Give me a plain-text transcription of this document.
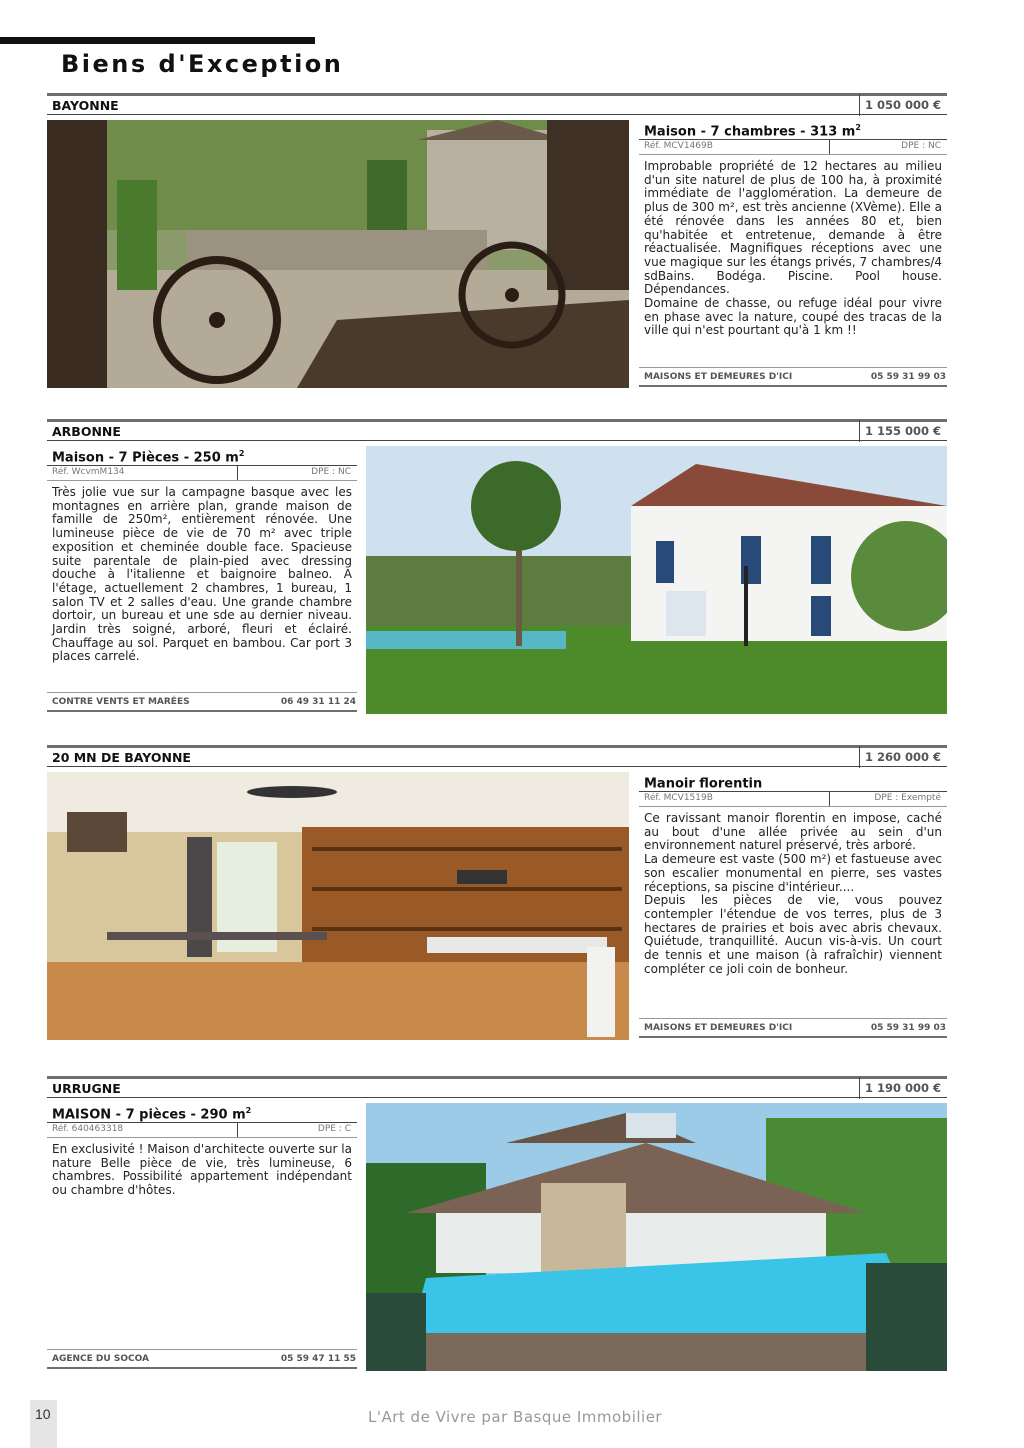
Biens d'Exception
BAYONNE	1 050 000 €
Maison - 7 chambres - 313 $m^2$
Réf. MCV1469B	DPE : NC

Improbable propriété de 12 hectares au milieu d'un site naturel de plus de 100 ha, à proximité immédiate de l'agglomération. La demeure de plus de 300 m², est très ancienne (XVème). Elle a été rénovée dans les années 80 et, bien qu'habitée et entretenue, demande à être réactualisée. Magnifiques réceptions avec une vue magique sur les étangs privés, 7 chambres/4 sdBains. Bodéga. Piscine. Pool house. Dépendances.

Domaine de chasse, ou refuge idéal pour vivre en phase avec la nature, coupé des tracas de la ville qui n'est pourtant qu'à 1 km !!

MAISONS ET DEMEURES D'ICI	05 59 31 99 03
ARBONNE	1 155 000 €
Maison - 7 Pièces - 250 $m^2$
Réf. WcvmM134	DPE : NC

Très jolie vue sur la campagne basque avec les montagnes en arrière plan, grande maison de famille de 250m², entièrement rénovée. Une lumineuse pièce de vie de 70 m² avec triple exposition et cheminée double face. Spacieuse suite parentale de plain-pied avec dressing douche à l'italienne et baignoire balneo. A l'étage, actuellement 2 chambres, 1 bureau, 1 salon TV et 2 salles d'eau. Une grande chambre dortoir, un bureau et une sde au dernier niveau. Jardin très soigné, arboré, fleuri et éclairé. Chauffage au sol. Parquet en bambou. Car port 3 places carrelé.

CONTRE VENTS ET MARÉES	06 49 31 11 24
20 MN DE BAYONNE	1 260 000 €
Manoir florentin
Réf. MCV1519B	DPE : Exempté

Ce ravissant manoir florentin en impose, caché au bout d'une allée privée au sein d'un environnement naturel préservé, très arboré.

La demeure est vaste (500 m²) et fastueuse avec son escalier monumental en pierre, ses vastes réceptions, sa piscine d'intérieur....

Depuis les pièces de vie, vous pouvez contempler l'étendue de vos terres, plus de 3 hectares de prairies et bois avec abris chevaux. Quiétude, tranquillité. Aucun vis-à-vis. Un court de tennis et une maison (à rafraîchir) viennent compléter ce joli coin de bonheur.

MAISONS ET DEMEURES D'ICI	05 59 31 99 03
URRUGNE	1 190 000 €
MAISON - 7 pièces - 290 $m^2$
Réf. 640463318	DPE : C

En exclusivité ! Maison d'architecte ouverte sur la nature Belle pièce de vie, très lumineuse, 6 chambres. Possibilité appartement indépendant ou chambre d'hôtes.

AGENCE DU SOCOA	05 59 47 11 55
10	L'Art de Vivre par Basque Immobilier
